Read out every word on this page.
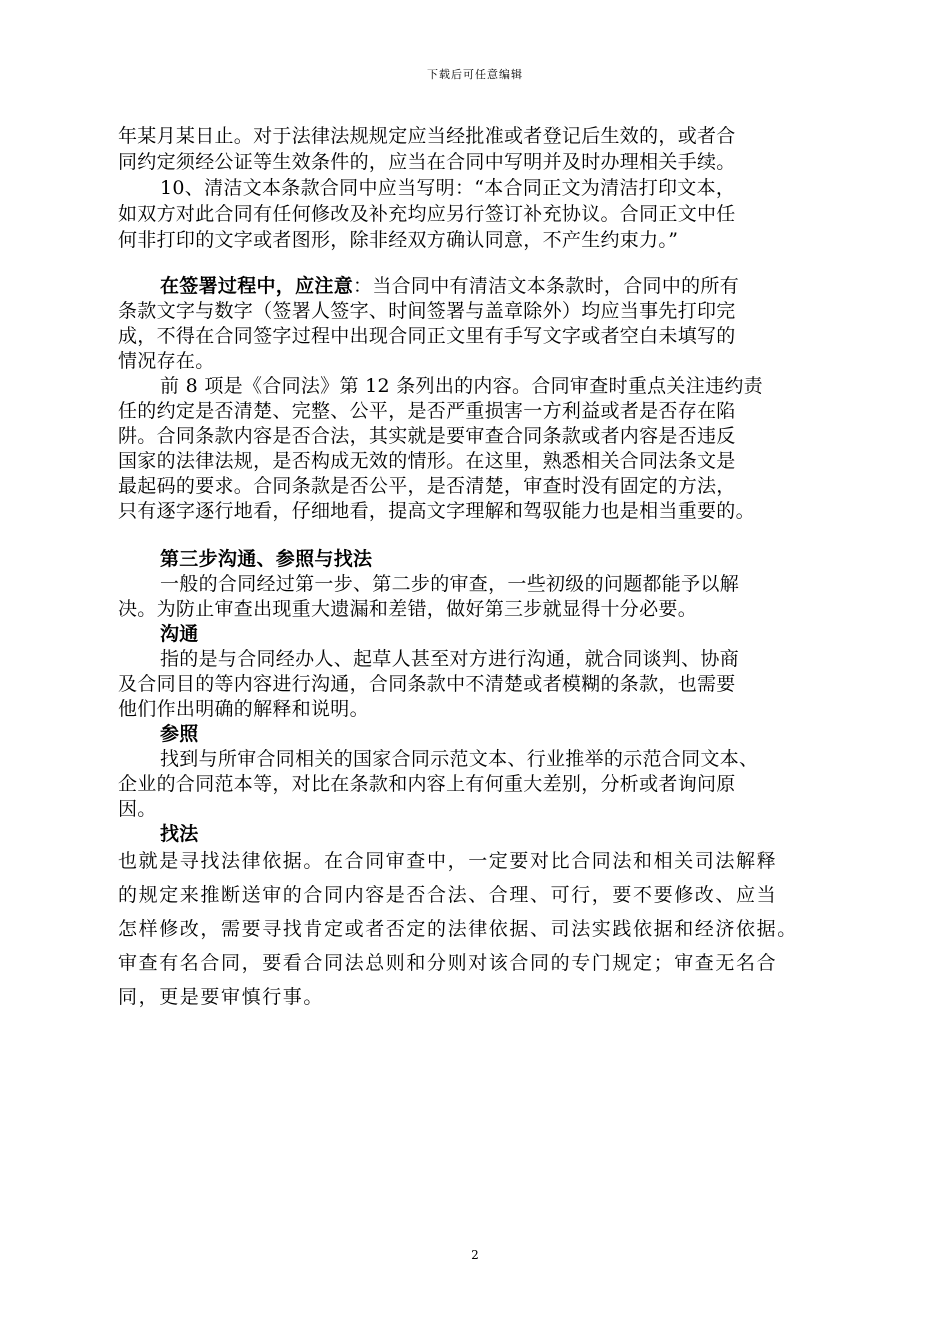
下载后可任意编辑
年某月某日止。对于法律法规规定应当经批准或者登记后生效的，或者合
同约定须经公证等生效条件的，应当在合同中写明并及时办理相关手续。
10、清洁文本条款合同中应当写明：“本合同正文为清洁打印文本，
如双方对此合同有任何修改及补充均应另行签订补充协议。合同正文中任
何非打印的文字或者图形，除非经双方确认同意，不产生约束力。”
在签署过程中，应注意：当合同中有清洁文本条款时，合同中的所有
条款文字与数字（签署人签字、时间签署与盖章除外）均应当事先打印完
成，不得在合同签字过程中出现合同正文里有手写文字或者空白未填写的
情况存在。
前 8 项是《合同法》第 12 条列出的内容。合同审查时重点关注违约责
任的约定是否清楚、完整、公平，是否严重损害一方利益或者是否存在陷
阱。合同条款内容是否合法，其实就是要审查合同条款或者内容是否违反
国家的法律法规，是否构成无效的情形。在这里，熟悉相关合同法条文是
最起码的要求。合同条款是否公平，是否清楚，审查时没有固定的方法，
只有逐字逐行地看，仔细地看，提高文字理解和驾驭能力也是相当重要的。
第三步沟通、参照与找法
一般的合同经过第一步、第二步的审查，一些初级的问题都能予以解
决。为防止审查出现重大遗漏和差错，做好第三步就显得十分必要。
沟通
指的是与合同经办人、起草人甚至对方进行沟通，就合同谈判、协商
及合同目的等内容进行沟通，合同条款中不清楚或者模糊的条款，也需要
他们作出明确的解释和说明。
参照
找到与所审合同相关的国家合同示范文本、行业推举的示范合同文本、
企业的合同范本等，对比在条款和内容上有何重大差别，分析或者询问原
因。
找法
也就是寻找法律依据。在合同审查中，一定要对比合同法和相关司法解释
的规定来推断送审的合同内容是否合法、合理、可行，要不要修改、应当
怎样修改，需要寻找肯定或者否定的法律依据、司法实践依据和经济依据。
审查有名合同，要看合同法总则和分则对该合同的专门规定；审查无名合
同，更是要审慎行事。
2
